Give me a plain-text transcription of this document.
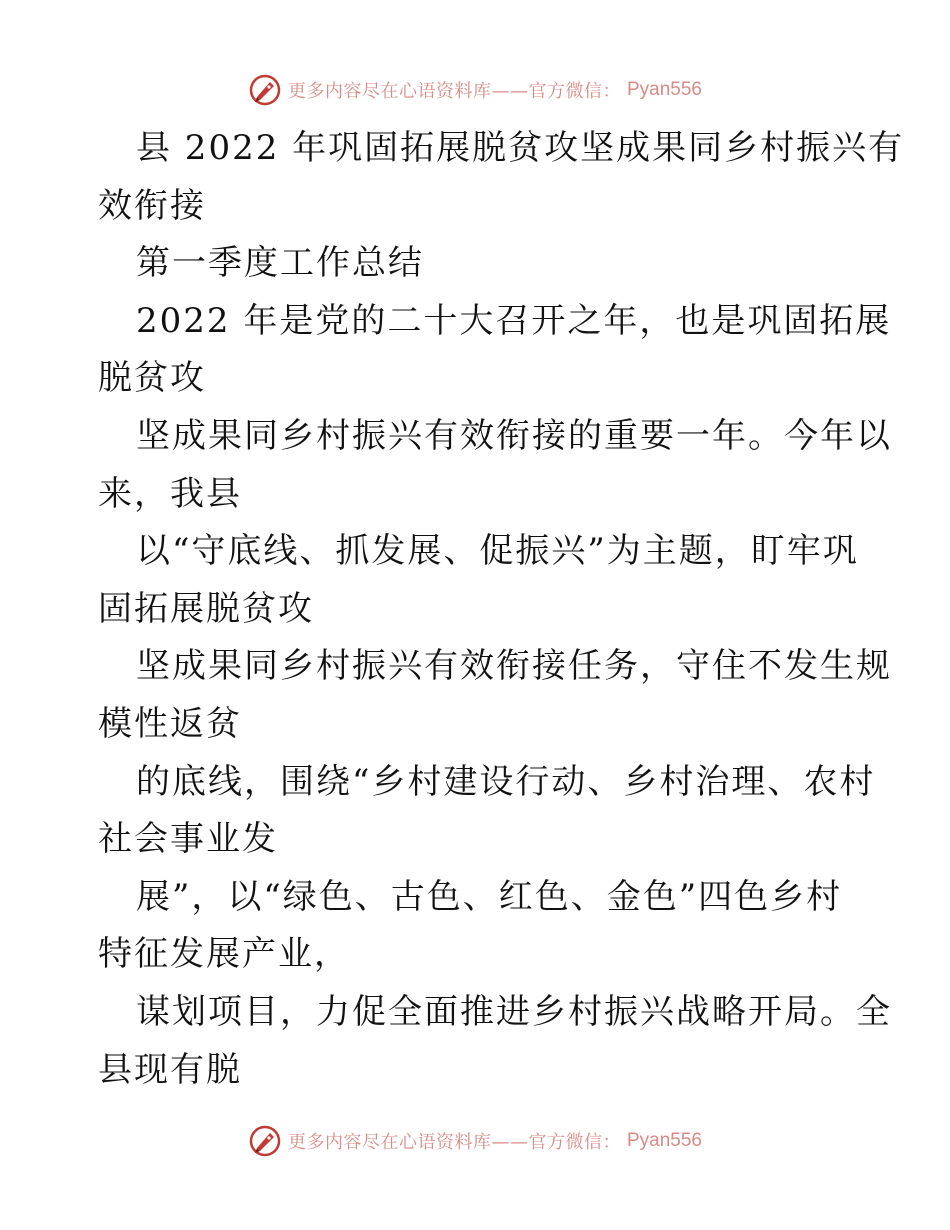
更多内容尽在心语资料库——官方微信： Pyan556
县 2022 年巩固拓展脱贫攻坚成果同乡村振兴有
效衔接
第一季度工作总结
2022 年是党的二十大召开之年，也是巩固拓展
脱贫攻
坚成果同乡村振兴有效衔接的重要一年。今年以
来，我县
以“守底线、抓发展、促振兴”为主题，盯牢巩
固拓展脱贫攻
坚成果同乡村振兴有效衔接任务，守住不发生规
模性返贫
的底线，围绕“乡村建设行动、乡村治理、农村
社会事业发
展”，以“绿色、古色、红色、金色”四色乡村
特征发展产业，
谋划项目，力促全面推进乡村振兴战略开局。全
县现有脱
更多内容尽在心语资料库——官方微信： Pyan556
